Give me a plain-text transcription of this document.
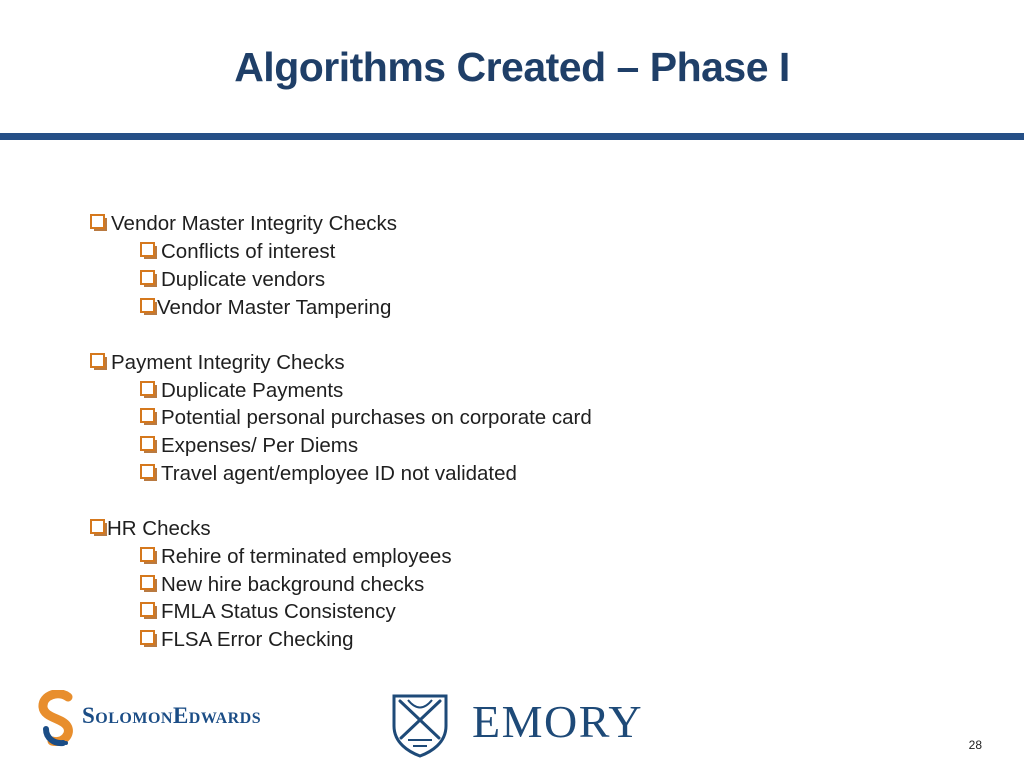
Algorithms Created – Phase I
Vendor Master Integrity Checks
Conflicts of interest
Duplicate vendors
Vendor Master Tampering
Payment Integrity Checks
Duplicate Payments
Potential personal purchases on corporate card
Expenses/ Per Diems
Travel agent/employee ID not validated
HR Checks
Rehire of terminated employees
New hire background checks
FMLA Status Consistency
FLSA Error Checking
SolomonEdwards	EMORY	28
